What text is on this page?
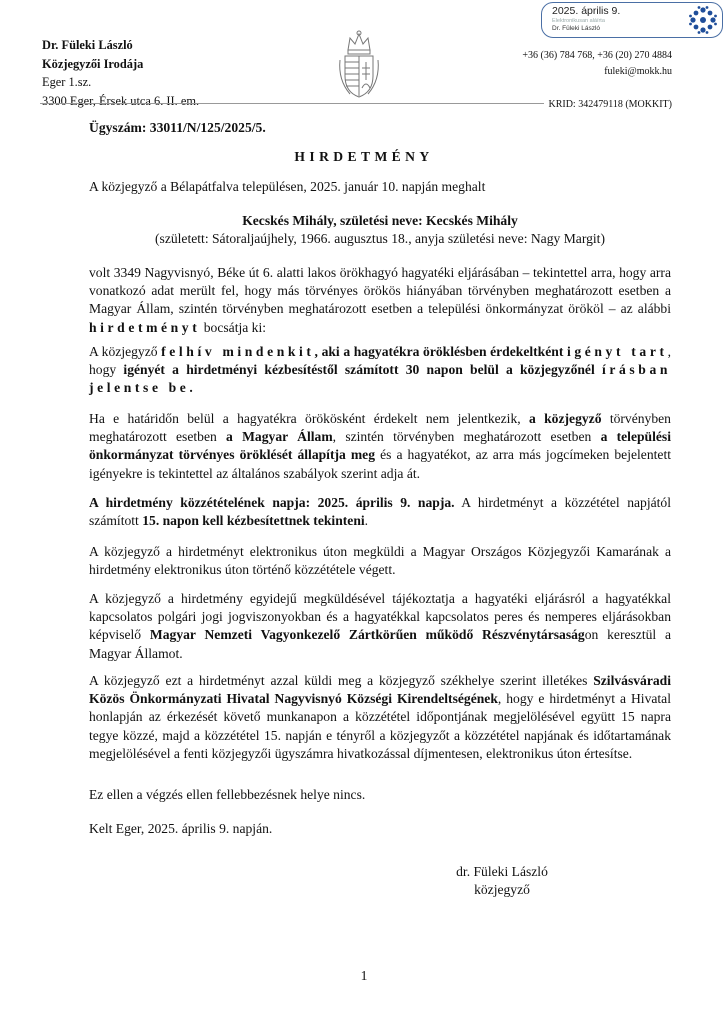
2025. április 9.
Elektronikusan aláírta
Dr. Füleki László
Dr. Füleki László
Közjegyzői Irodája
Eger 1.sz.
3300 Eger, Érsek utca 6. II. em.
+36 (36) 784 768, +36 (20) 270 4884
fuleki@mokk.hu
KRID: 342479118 (MOKKIT)
Ügyszám: 33011/N/125/2025/5.
HIRDETMÉNY
A közjegyző a Bélapátfalva településen, 2025. január 10. napján meghalt
Kecskés Mihály, születési neve: Kecskés Mihály
(született: Sátoraljaújhely, 1966. augusztus 18., anyja születési neve: Nagy Margit)
volt 3349 Nagyvisnyó, Béke út 6. alatti lakos örökhagyó hagyatéki eljárásában – tekintettel arra, hogy arra vonatkozó adat merült fel, hogy más törvényes örökös hiányában törvényben meghatározott esetben a Magyar Állam, szintén törvényben meghatározott esetben a települési önkormányzat örököl – az alábbi hirdetményt bocsátja ki:
A közjegyző felhív mindenkit, aki a hagyatékra öröklésben érdekeltként igényt tart, hogy igényét a hirdetményi kézbesítéstől számított 30 napon belül a közjegyzőnél írásban jelentse be.
Ha e határidőn belül a hagyatékra örökösként érdekelt nem jelentkezik, a közjegyző törvényben meghatározott esetben a Magyar Állam, szintén törvényben meghatározott esetben a települési önkormányzat törvényes öröklését állapítja meg és a hagyatékot, az arra más jogcímeken bejelentett igényekre is tekintettel az általános szabályok szerint adja át.
A hirdetmény közzétételének napja: 2025. április 9. napja. A hirdetményt a közzététel napjától számított 15. napon kell kézbesítettnek tekinteni.
A közjegyző a hirdetményt elektronikus úton megküldi a Magyar Országos Közjegyzői Kamarának a hirdetmény elektronikus úton történő közzététele végett.
A közjegyző a hirdetmény egyidejű megküldésével tájékoztatja a hagyatéki eljárásról a hagyatékkal kapcsolatos polgári jogi jogviszonyokban és a hagyatékkal kapcsolatos peres és nemperes eljárásokban képviselő Magyar Nemzeti Vagyonkezelő Zártkörűen működő Részvénytársaságon keresztül a Magyar Államot.
A közjegyző ezt a hirdetményt azzal küldi meg a közjegyző székhelye szerint illetékes Szilvásváradi Közös Önkormányzati Hivatal Nagyvisnyó Községi Kirendeltségének, hogy e hirdetményt a Hivatal honlapján az érkezését követő munkanapon a közzététel időpontjának megjelölésével együtt 15 napra tegye közzé, majd a közzététel 15. napján e tényről a közjegyzőt a közzététel napjának és időtartamának megjelölésével a fenti közjegyzői ügyszámra hivatkozással díjmentesen, elektronikus úton értesítse.
Ez ellen a végzés ellen fellebbezésnek helye nincs.
Kelt Eger, 2025. április 9. napján.
dr. Füleki László
közjegyző
1
